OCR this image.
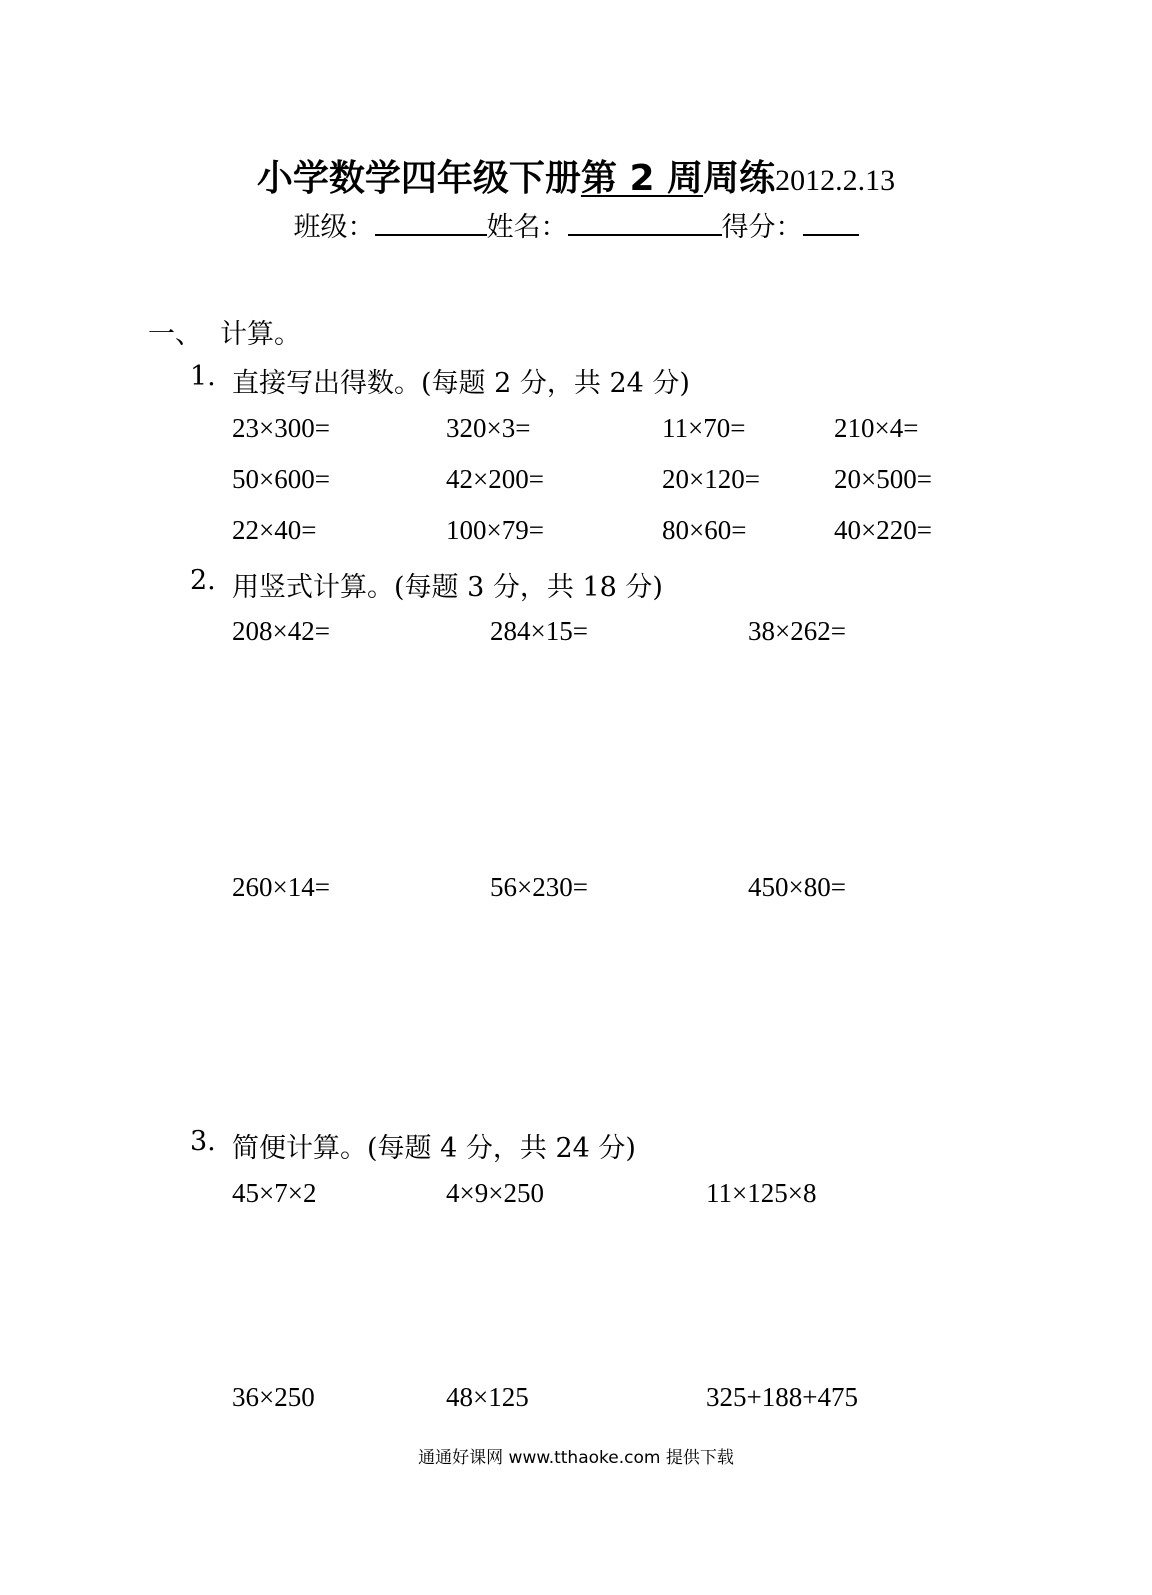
小学数学四年级下册第 2 周周练2012.2.13
班级：	姓名：	得分：
一、 计算。
1. 直接写出得数。(每题 2 分，共 24 分)
23×300=	320×3=	11×70=	210×4=
50×600=	42×200=	20×120=	20×500=
22×40=	100×79=	80×60=	40×220=
2. 用竖式计算。(每题 3 分，共 18 分)
208×42=	284×15=	38×262=
260×14=	56×230=	450×80=
3. 简便计算。(每题 4 分，共 24 分)
45×7×2	4×9×250	11×125×8
36×250	48×125	325+188+475
通通好课网 www.tthaoke.com 提供下载
